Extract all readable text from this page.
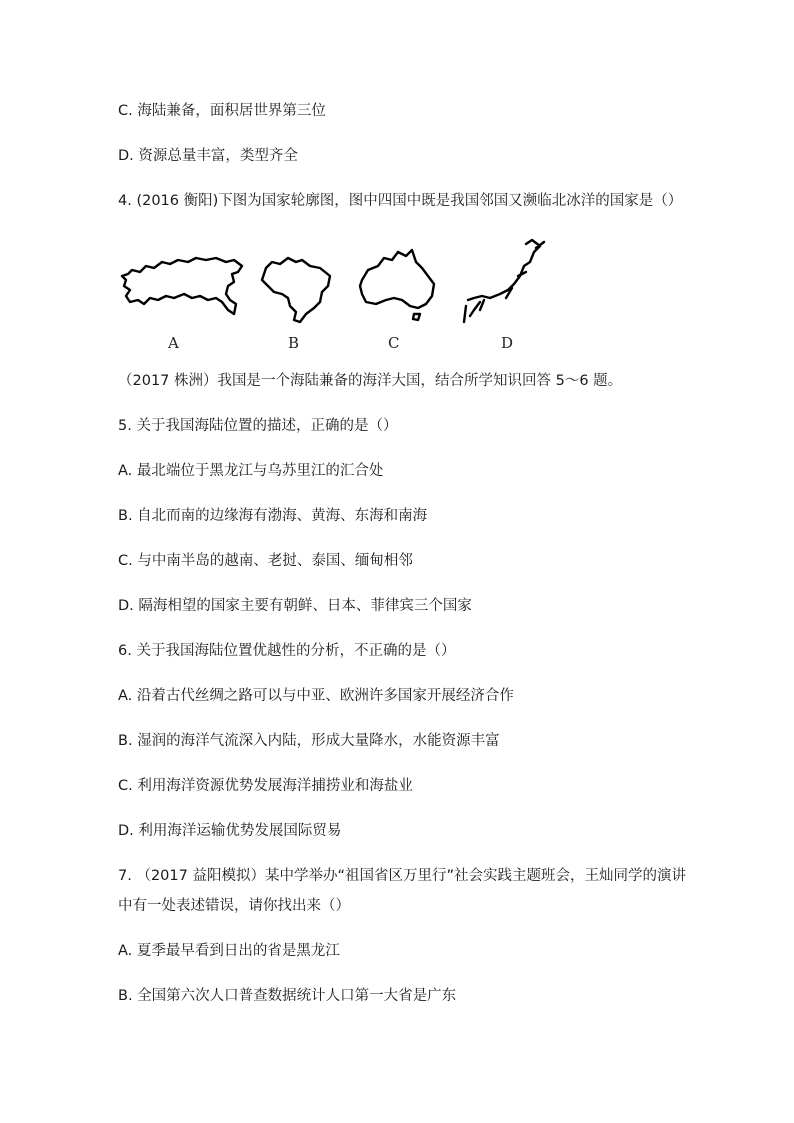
C. 海陆兼备，面积居世界第三位
D. 资源总量丰富，类型齐全
4. (2016 衡阳)下图为国家轮廓图，图中四国中既是我国邻国又濒临北冰洋的国家是（）
A	B	C	D
（2017 株洲）我国是一个海陆兼备的海洋大国，结合所学知识回答 5～6 题。
5. 关于我国海陆位置的描述，正确的是（）
A. 最北端位于黑龙江与乌苏里江的汇合处
B. 自北而南的边缘海有渤海、黄海、东海和南海
C. 与中南半岛的越南、老挝、泰国、缅甸相邻
D. 隔海相望的国家主要有朝鲜、日本、菲律宾三个国家
6. 关于我国海陆位置优越性的分析，不正确的是（）
A. 沿着古代丝绸之路可以与中亚、欧洲许多国家开展经济合作
B. 湿润的海洋气流深入内陆，形成大量降水，水能资源丰富
C. 利用海洋资源优势发展海洋捕捞业和海盐业
D. 利用海洋运输优势发展国际贸易
7. （2017 益阳模拟）某中学举办“祖国省区万里行”社会实践主题班会，王灿同学的演讲
中有一处表述错误，请你找出来（）
A. 夏季最早看到日出的省是黑龙江
B. 全国第六次人口普查数据统计人口第一大省是广东
